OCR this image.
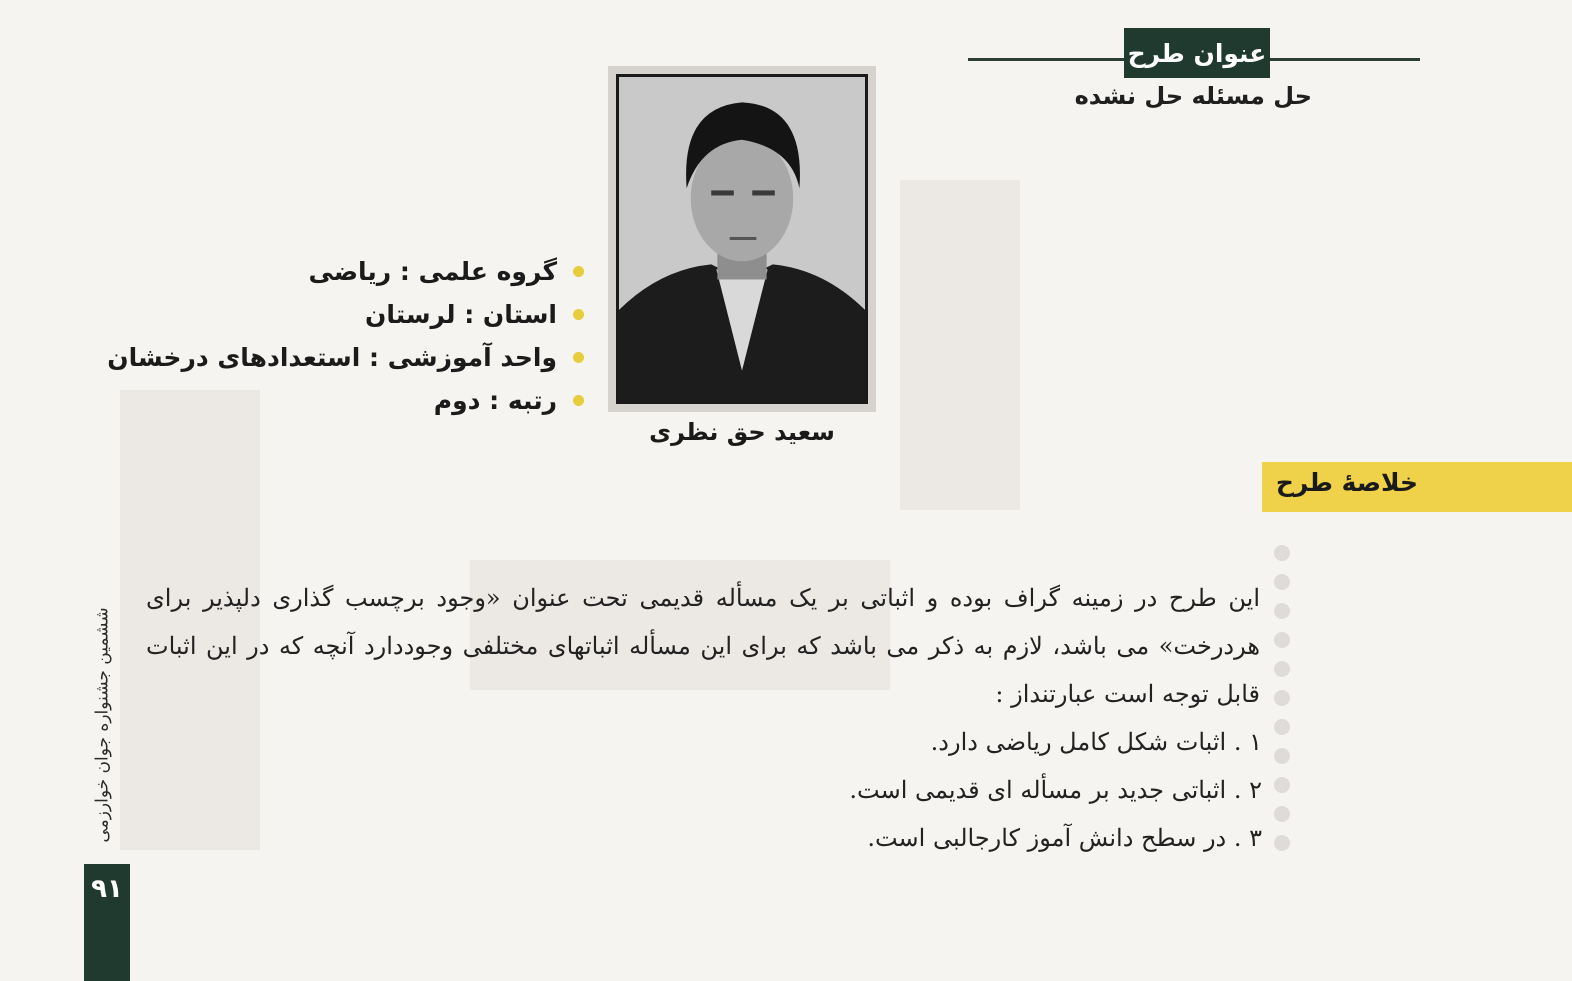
عنوان طرح
حل مسئله حل نشده
سعید حق نظری
گروه علمی : ریاضی
استان : لرستان
واحد آموزشی : استعدادهای درخشان
رتبه : دوم
خلاصهٔ طرح

این طرح در زمینه گراف بوده و اثباتی بر یک مسأله قدیمی تحت عنوان «وجود برچسب گذاری دلپذیر برای هردرخت» می باشد، لازم به ذکر می باشد که برای این مسأله اثباتهای مختلفی وجوددارد آنچه که در این اثبات قابل توجه است عبارتنداز :

۱ . اثبات شکل کامل ریاضی دارد.
۲ . اثباتی جدید بر مسأله ای قدیمی است.
۳ . در سطح دانش آموز کارجالبی است.
ششمین جشنواره جوان خوارزمی
۹۱
